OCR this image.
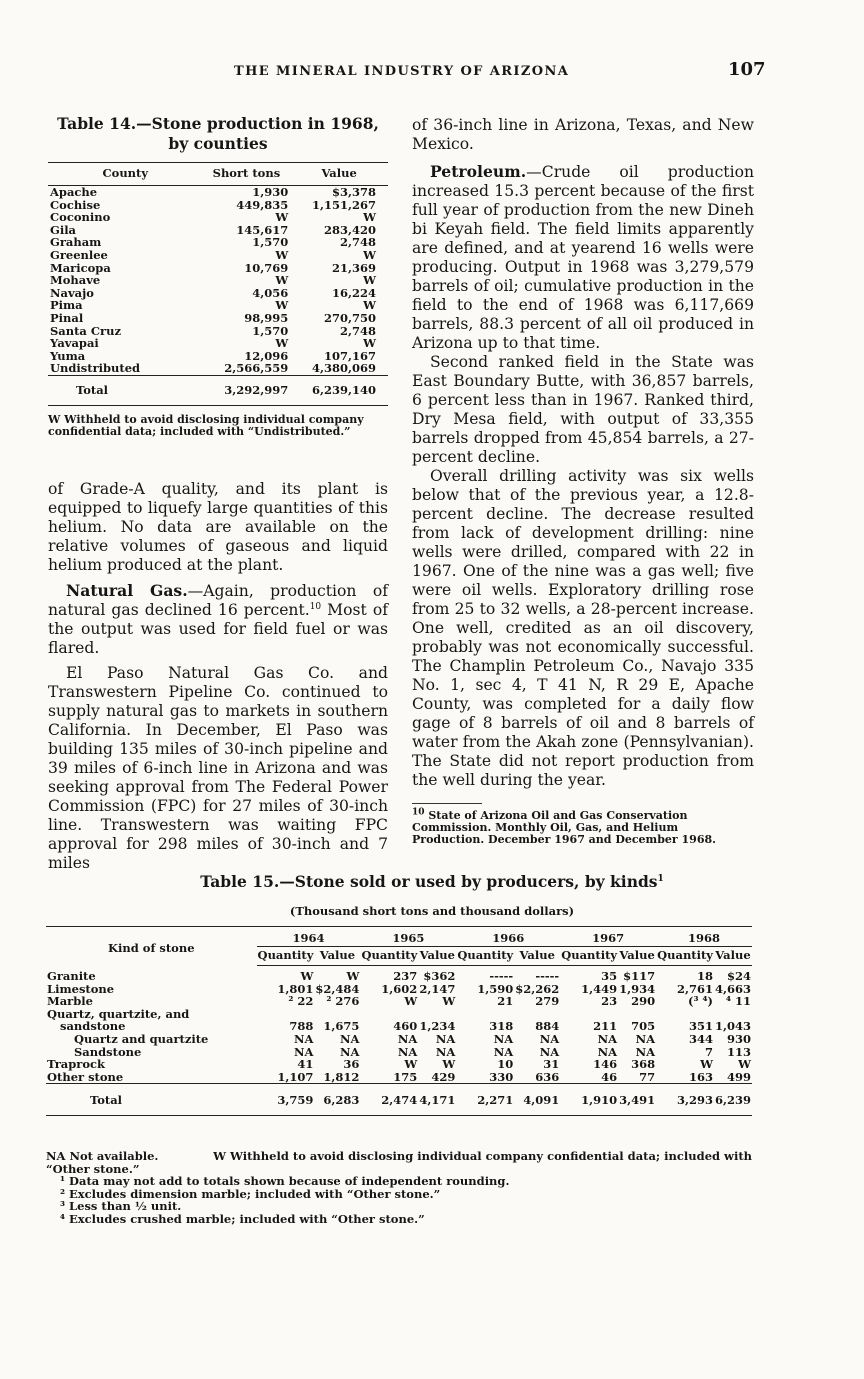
THE MINERAL INDUSTRY OF ARIZONA	107
Table 14.—Stone production in 1968,
by counties
County	Short tons	Value
Apache	1,930	$3,378
Cochise	449,835	1,151,267
Coconino	W	W
Gila	145,617	283,420
Graham	1,570	2,748
Greenlee	W	W
Maricopa	10,769	21,369
Mohave	W	W
Navajo	4,056	16,224
Pima	W	W
Pinal	98,995	270,750
Santa Cruz	1,570	2,748
Yavapai	W	W
Yuma	12,096	107,167
Undistributed	2,566,559	4,380,069
Total	3,292,997	6,239,140
W Withheld to avoid disclosing individual company confidential data; included with “Undistributed.”

of Grade-A quality, and its plant is equipped to liquefy large quantities of this helium. No data are available on the relative volumes of gaseous and liquid helium produced at the plant.

Natural Gas.—Again, production of natural gas declined 16 percent.$^{10}$ Most of the output was used for field fuel or was flared.

El Paso Natural Gas Co. and Transwestern Pipeline Co. continued to supply natural gas to markets in southern California. In December, El Paso was building 135 miles of 30-inch pipeline and 39 miles of 6-inch line in Arizona and was seeking approval from The Federal Power Commission (FPC) for 27 miles of 30-inch line. Transwestern was waiting FPC approval for 298 miles of 30-inch and 7 miles

of 36-inch line in Arizona, Texas, and New Mexico.

Petroleum.—Crude oil production increased 15.3 percent because of the first full year of production from the new Dineh bi Keyah field. The field limits apparently are defined, and at yearend 16 wells were producing. Output in 1968 was 3,279,579 barrels of oil; cumulative production in the field to the end of 1968 was 6,117,669 barrels, 88.3 percent of all oil produced in Arizona up to that time.

Second ranked field in the State was East Boundary Butte, with 36,857 barrels, 6 percent less than in 1967. Ranked third, Dry Mesa field, with output of 33,355 barrels dropped from 45,854 barrels, a 27-percent decline.

Overall drilling activity was six wells below that of the previous year, a 12.8-percent decline. The decrease resulted from lack of development drilling: nine wells were drilled, compared with 22 in 1967. One of the nine was a gas well; five were oil wells. Exploratory drilling rose from 25 to 32 wells, a 28-percent increase. One well, credited as an oil discovery, probably was not economically successful. The Champlin Petroleum Co., Navajo 335 No. 1, sec 4, T 41 N, R 29 E, Apache County, was completed for a daily flow gage of 8 barrels of oil and 8 barrels of water from the Akah zone (Pennsylvanian). The State did not report production from the well during the year.

$^{10}$ State of Arizona Oil and Gas Conservation Commission. Monthly Oil, Gas, and Helium Production. December 1967 and December 1968.
Table 15.—Stone sold or used by producers, by kinds$^1$
(Thousand short tons and thousand dollars)
Kind of stone	1964		1965		1966		1967		1968	
	Quantity	Value	Quantity	Value	Quantity	Value	Quantity	Value	Quantity	Value
Granite	W	W	237	$362	-----	-----	35	$117	18	$24
Limestone	1,801	$2,484	1,602	2,147	1,590	$2,262	1,449	1,934	2,761	4,663
Marble	² 22	² 276	W	W	21	279	23	290	(³ ⁴)	⁴ 11
Quartz, quartzite, and										
sandstone	788	1,675	460	1,234	318	884	211	705	351	1,043
Quartz and quartzite	NA	NA	NA	NA	NA	NA	NA	NA	344	930
Sandstone	NA	NA	NA	NA	NA	NA	NA	NA	7	113
Traprock	41	36	W	W	10	31	146	368	W	W
Other stone	1,107	1,812	175	429	330	636	46	77	163	499
Total	3,759	6,283	2,474	4,171	2,271	4,091	1,910	3,491	3,293	6,239
NA Not available.	W Withheld to avoid disclosing individual company confidential data; included with
“Other stone.”
¹ Data may not add to totals shown because of independent rounding.
² Excludes dimension marble; included with “Other stone.”
³ Less than ½ unit.
⁴ Excludes crushed marble; included with “Other stone.”
